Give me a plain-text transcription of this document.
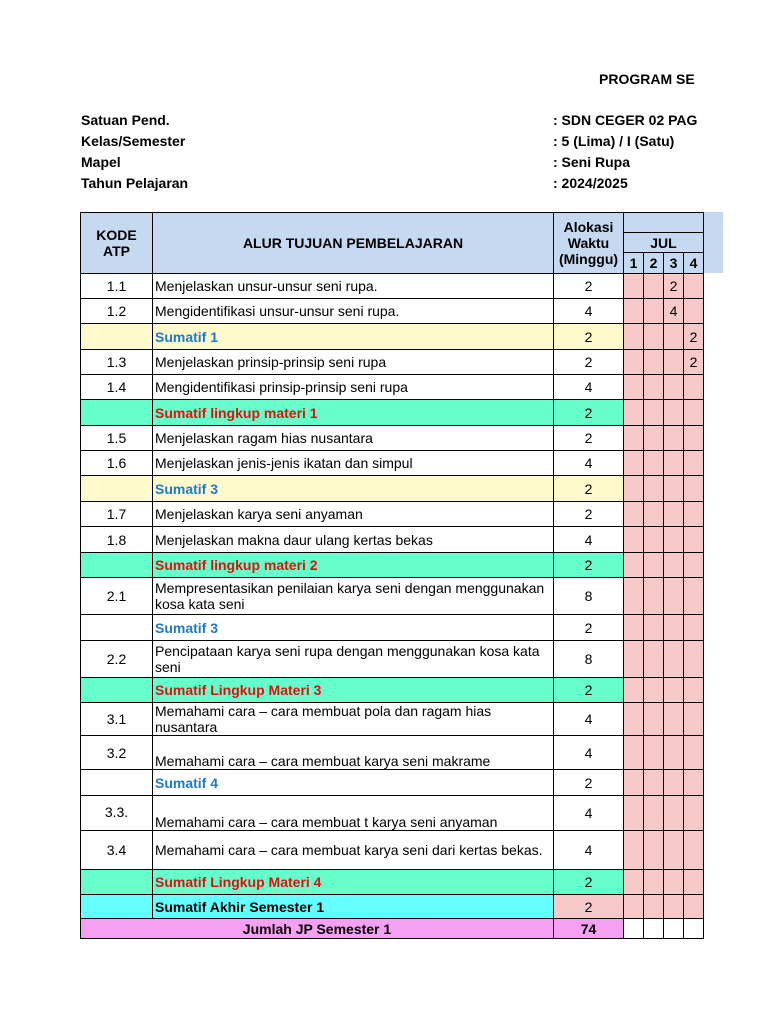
PROGRAM SE
Satuan Pend.	: SDN CEGER 02 PAG
Kelas/Semester	: 5 (Lima) / I (Satu)
Mapel	: Seni Rupa
Tahun Pelajaran	: 2024/2025
KODE ATP	ALUR TUJUAN PEMBELAJARAN	Alokasi Waktu (Minggu)				
			JUL			
			1	2	3	4
1.1	Menjelaskan unsur-unsur seni rupa.	2			2	
1.2	Mengidentifikasi unsur-unsur seni rupa.	4			4	
	Sumatif 1	2				2
1.3	Menjelaskan prinsip-prinsip seni rupa	2				2
1.4	Mengidentifikasi prinsip-prinsip seni rupa	4				
	Sumatif lingkup materi 1	2				
1.5	Menjelaskan ragam hias nusantara	2				
1.6	Menjelaskan jenis-jenis ikatan dan simpul	4				
	Sumatif 3	2				
1.7	Menjelaskan karya seni anyaman	2				
1.8	Menjelaskan makna daur ulang kertas bekas	4				
	Sumatif lingkup materi 2	2				
2.1	Mempresentasikan penilaian karya seni dengan menggunakan kosa kata seni	8				
	Sumatif 3	2				
2.2	Pencipataan karya seni rupa dengan menggunakan kosa kata seni	8				
	Sumatif Lingkup Materi 3	2				
3.1	Memahami cara – cara membuat pola dan ragam hias nusantara	4				
3.2	Memahami cara – cara membuat karya seni makrame	4				
	Sumatif 4	2				
3.3.	Memahami cara – cara membuat t karya seni anyaman	4				
3.4	Memahami cara – cara membuat karya seni dari kertas bekas.	4				
	Sumatif Lingkup Materi 4	2				
	Sumatif Akhir Semester 1	2				
Jumlah JP Semester 1		74				
